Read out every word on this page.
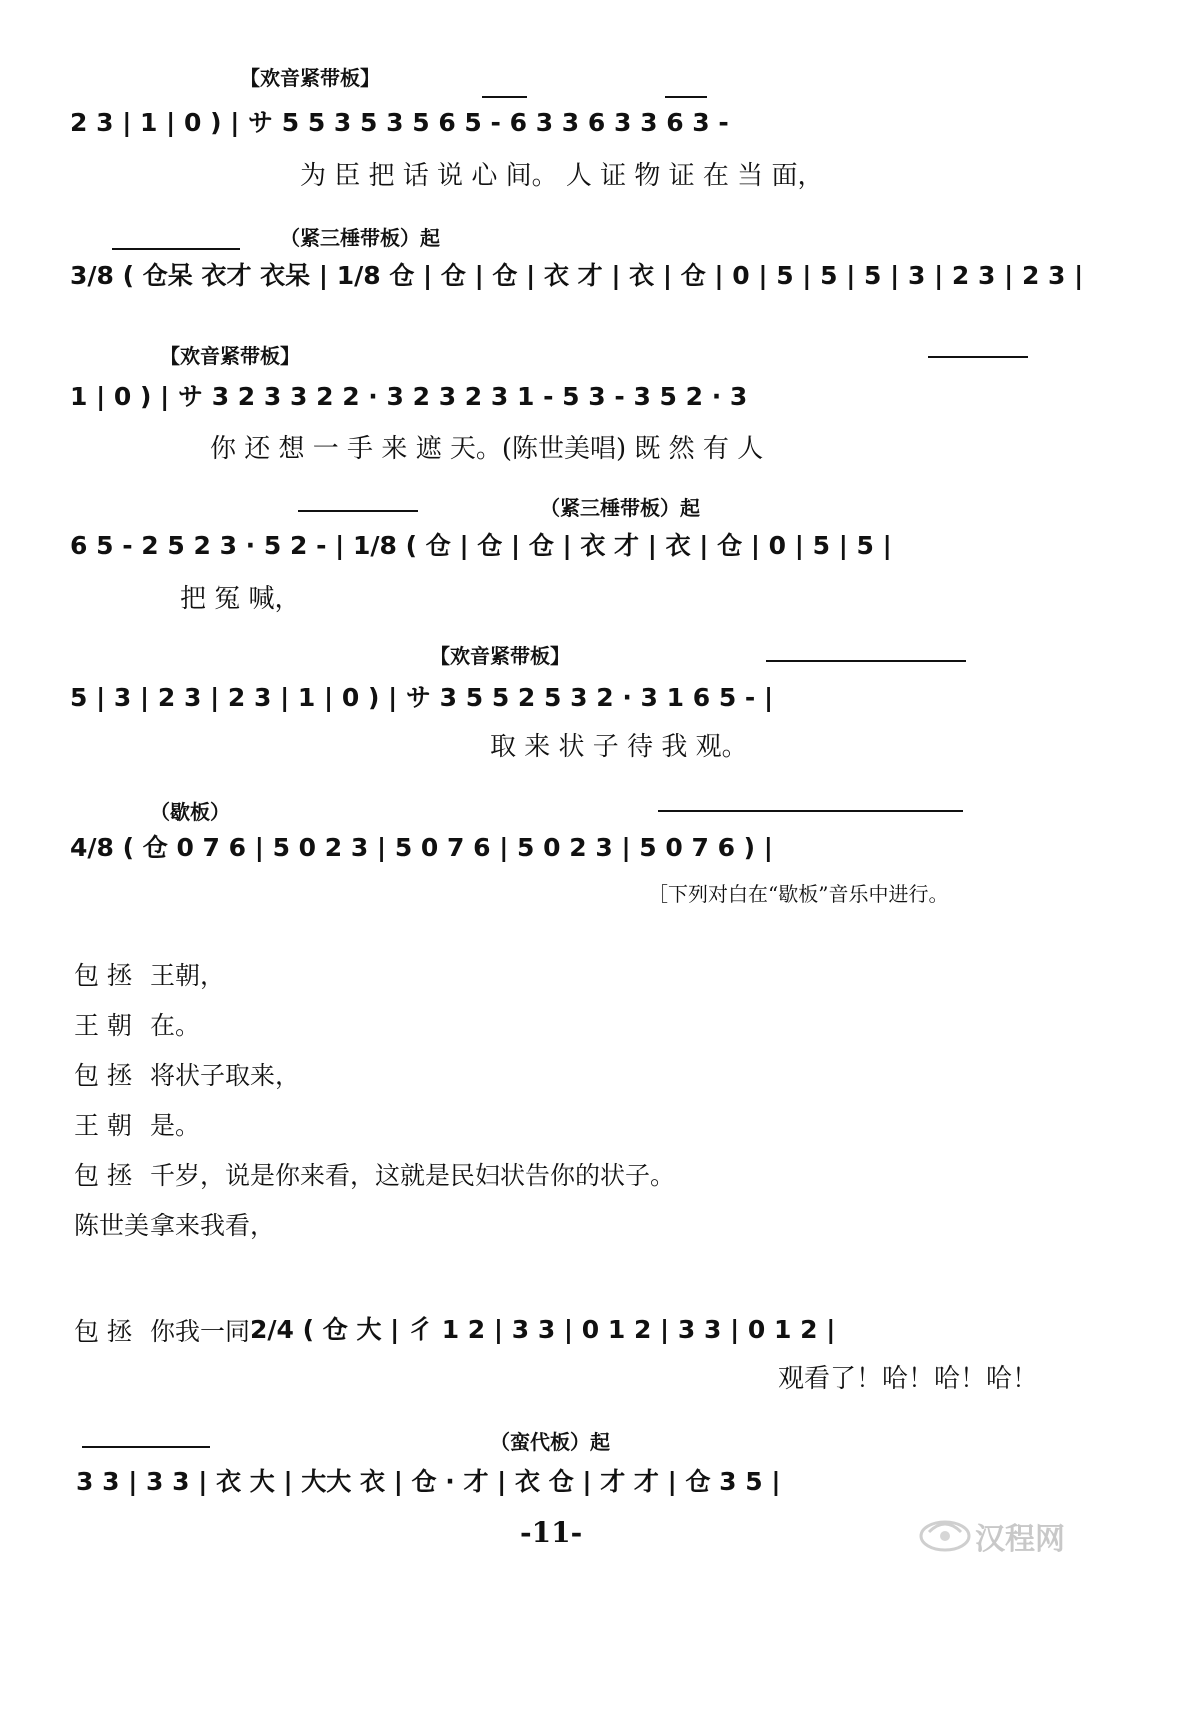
【欢音紧带板】
2 3 | 1 | 0 ) | サ 5 5 3 5 3 5 6 5 - 6 3 3 6 3 3 6 3 -
为 臣 把 话 说 心 间。 人 证 物 证 在 当 面，
（紧三棰带板）起
3/8 ( 仓呆 衣才 衣呆 | 1/8 仓 | 仓 | 仓 | 衣 才 | 衣 | 仓 | 0 | 5 | 5 | 5 | 3 | 2 3 | 2 3 |
【欢音紧带板】
1 | 0 ) | サ 3 2 3 3 2 2 · 3 2 3 2 3 1 - 5 3 - 3 5 2 · 3
你 还 想 一 手 来 遮 天。(陈世美唱) 既 然 有 人
（紧三棰带板）起
6 5 - 2 5 2 3 · 5 2 - | 1/8 ( 仓 | 仓 | 仓 | 衣 才 | 衣 | 仓 | 0 | 5 | 5 |
把 冤 喊，
【欢音紧带板】
5 | 3 | 2 3 | 2 3 | 1 | 0 ) | サ 3 5 5 2 5 3 2 · 3 1 6 5 - |
取 来 状 子 待 我 观。
（歇板）
4/8 ( 仓 0 7 6 | 5 0 2 3 | 5 0 7 6 | 5 0 2 3 | 5 0 7 6 ) |
［下列对白在“歇板”音乐中进行。
包 拯 王朝，
王 朝 在。
包 拯 将状子取来，
王 朝 是。
包 拯 千岁，说是你来看，这就是民妇状告你的状子。
陈世美 拿来我看，
包 拯 你我一同 2/4 ( 仓 大 | 彳 1 2 | 3 3 | 0 1 2 | 3 3 | 0 1 2 |
观看了！哈！哈！哈！
（蛮代板）起
3 3 | 3 3 | 衣 大 | 大大 衣 | 仓 · 才 | 衣 仓 | 才 才 | 仓 3 5 |
-11-	汉程网
